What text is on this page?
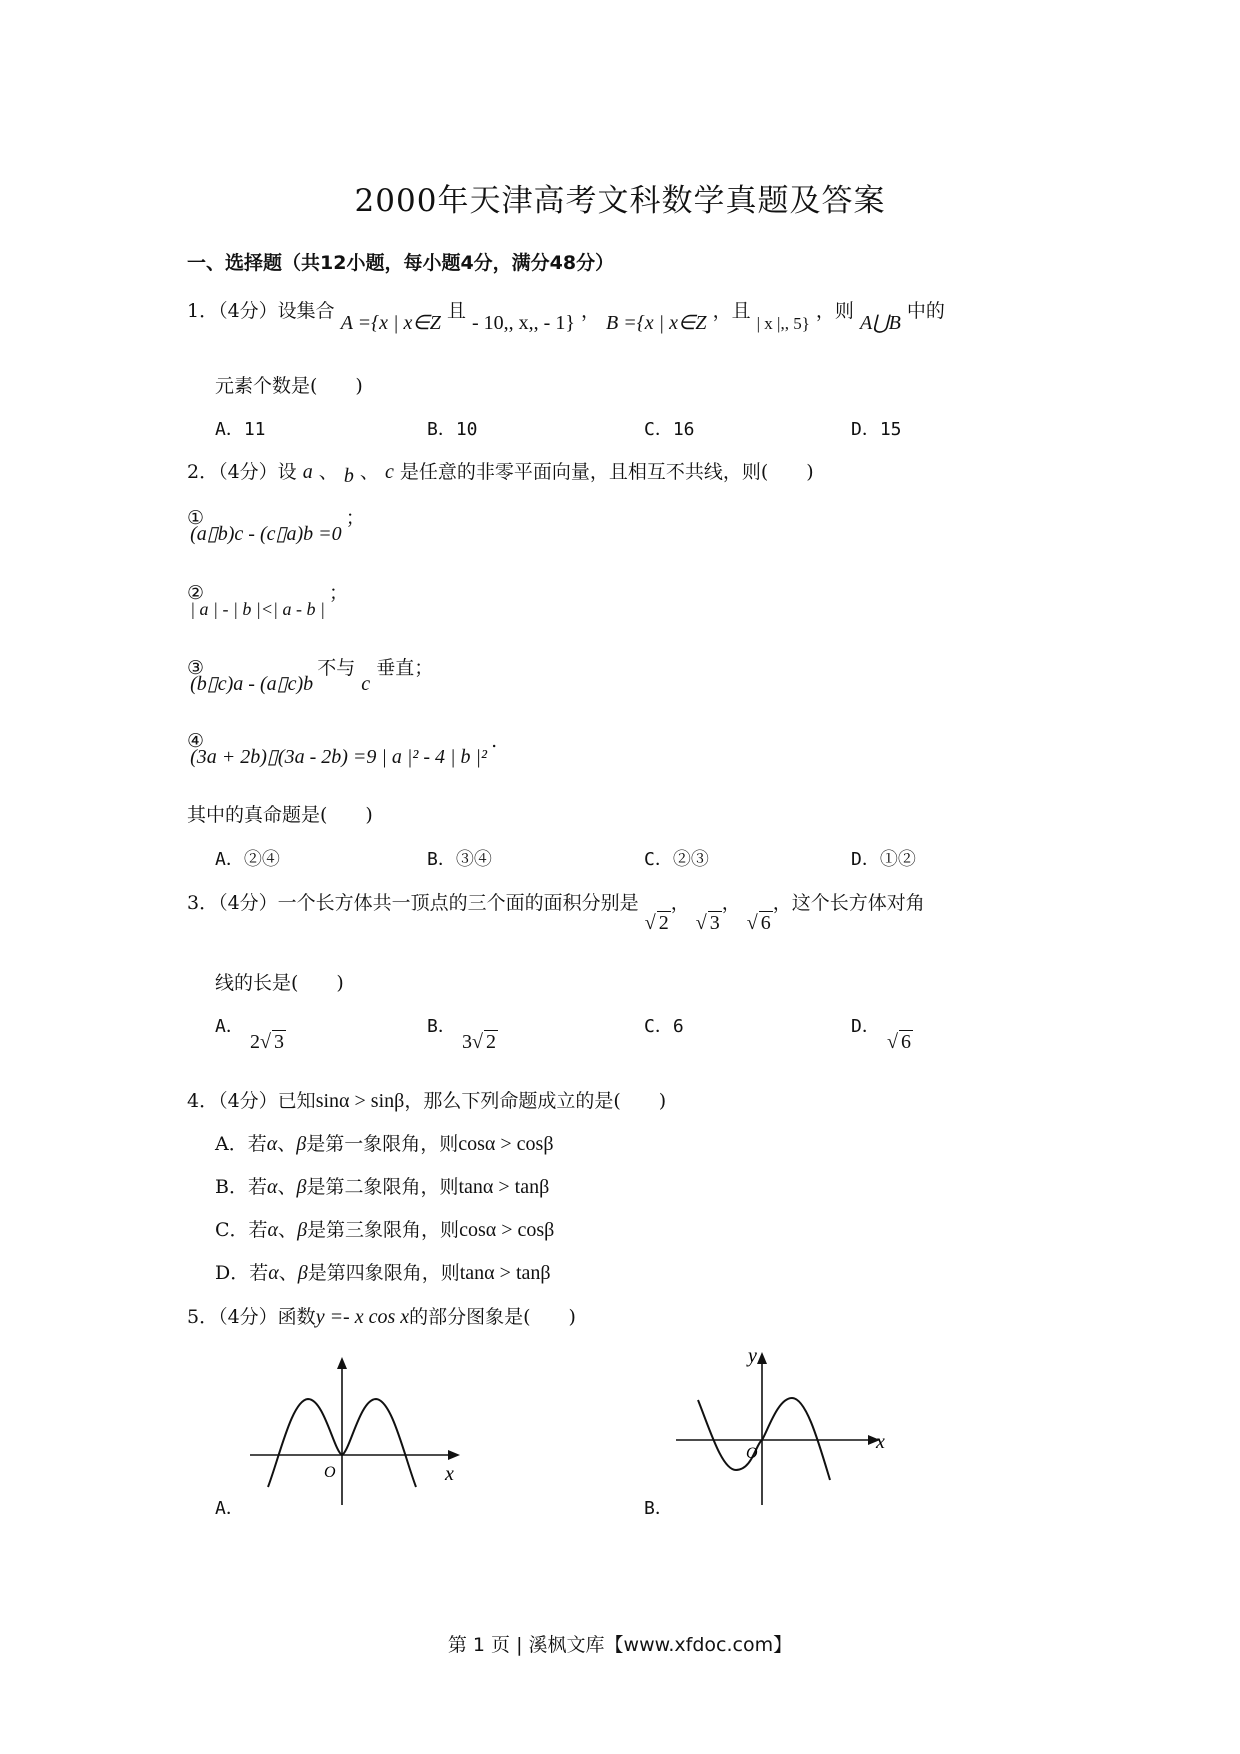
2000年天津高考文科数学真题及答案
一、选择题（共12小题，每小题4分，满分48分）
1．（4分）设集合 A ={x | x∈Z 且 - 10,, x,, - 1} ， B ={x | x∈Z ，且 | x |,, 5} ，则 A⋃B 中的
元素个数是(　　)
A．11	B．10	C．16	D．15
2．（4分）设 a 、 b 、 c 是任意的非零平面向量，且相互不共线，则(　　)
① (a▯b)c - (c▯a)b =0 ；
② | a | - | b |<| a - b | ；
③ (b▯c)a - (a▯c)b 不与 c 垂直；
④ (3a + 2b)▯(3a - 2b) =9 | a |² - 4 | b |² .
其中的真命题是(　　)
A．②④	B．③④	C．②③	D．①②
3．（4分）一个长方体共一顶点的三个面的面积分别是 √ 2， √ 3， √ 6，这个长方体对角
线的长是(　　)
A．
2√ 3
B．
3√ 2
C．6	D．
√ 6
4．（4分）已知sinα > sinβ，那么下列命题成立的是(　　)
A．若α、β是第一象限角，则cosα > cosβ
B．若α、β是第二象限角，则tanα > tanβ
C．若α、β是第三象限角，则cosα > cosβ
D．若α、β是第四象限角，则tanα > tanβ
5．（4分）函数y =- x cos x的部分图象是(　　)
O	x
A．
y
O
x
B．
第 1 页 | 溪枫文库【www.xfdoc.com】
